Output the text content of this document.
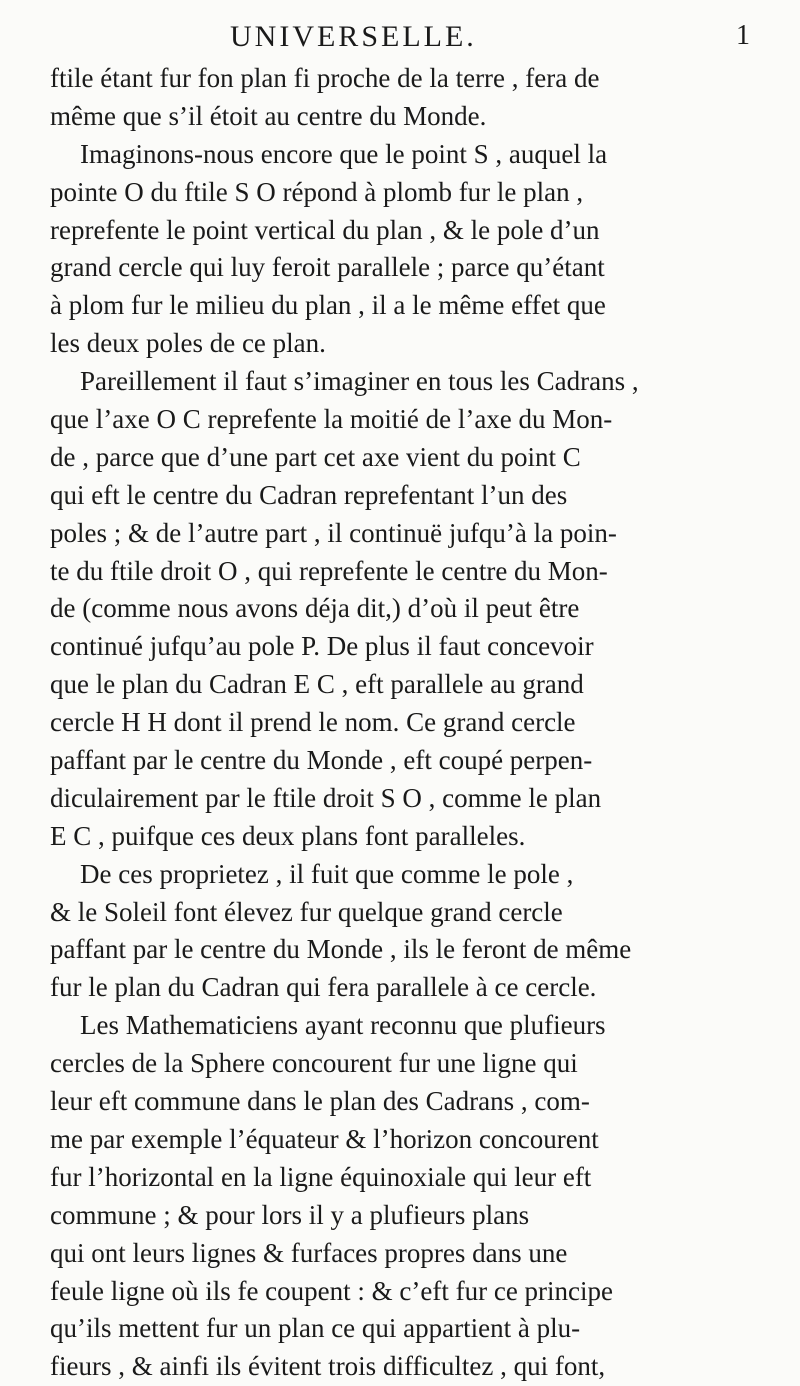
UNIVERSELLE.	1
ftile étant fur fon plan fi proche de la terre , fera de
même que s’il étoit au centre du Monde.
Imaginons-nous encore que le point S , auquel la
pointe O du ftile S O répond à plomb fur le plan ,
reprefente le point vertical du plan , & le pole d’un
grand cercle qui luy feroit parallele ; parce qu’étant
à plom fur le milieu du plan , il a le même effet que
les deux poles de ce plan.
Pareillement il faut s’imaginer en tous les Cadrans ,
que l’axe O C reprefente la moitié de l’axe du Mon-
de , parce que d’une part cet axe vient du point C
qui eft le centre du Cadran reprefentant l’un des
poles ; & de l’autre part , il continuë jufqu’à la poin-
te du ftile droit O , qui reprefente le centre du Mon-
de (comme nous avons déja dit,) d’où il peut être
continué jufqu’au pole P. De plus il faut concevoir
que le plan du Cadran E C , eft parallele au grand
cercle H H dont il prend le nom. Ce grand cercle
paffant par le centre du Monde , eft coupé perpen-
diculairement par le ftile droit S O , comme le plan
E C , puifque ces deux plans font paralleles.
De ces proprietez , il fuit que comme le pole ,
& le Soleil font élevez fur quelque grand cercle
paffant par le centre du Monde , ils le feront de même
fur le plan du Cadran qui fera parallele à ce cercle.
Les Mathematiciens ayant reconnu que plufieurs
cercles de la Sphere concourent fur une ligne qui
leur eft commune dans le plan des Cadrans , com-
me par exemple l’équateur & l’horizon concourent
fur l’horizontal en la ligne équinoxiale qui leur eft
commune ; & pour lors il y a plufieurs plans
qui ont leurs lignes & furfaces propres dans une
feule ligne où ils fe coupent : & c’eft fur ce principe
qu’ils mettent fur un plan ce qui appartient à plu-
fieurs , & ainfi ils évitent trois difficultez , qui font,
